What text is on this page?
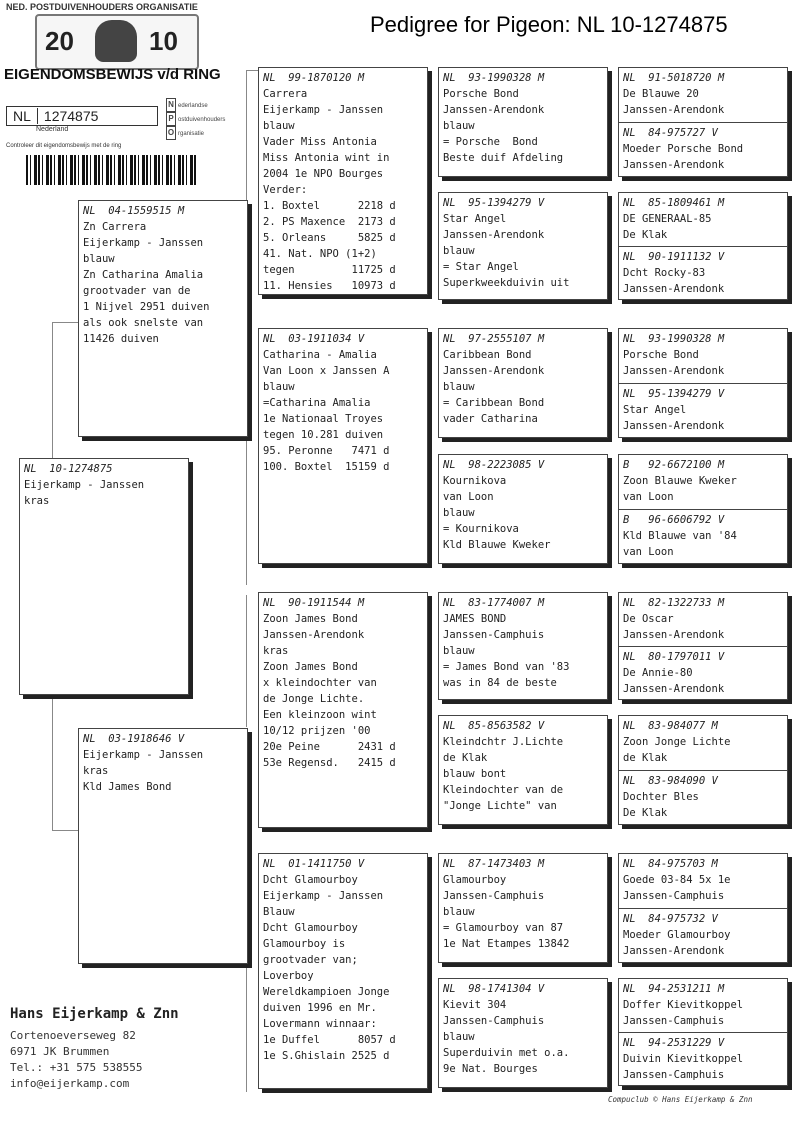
Pedigree for Pigeon: NL 10-1274875
NED. POSTDUIVENHOUDERS ORGANISATIE
20	10
EIGENDOMSBEWIJS v/d RING
NL 1274875
Nederland
N ederlandse
P ostduivenhouders
O rganisatie
Controleer dit eigendomsbewijs met de ring
NL  10-1274875
Eijerkamp - Janssen
kras
NL  04-1559515 M
Zn Carrera
Eijerkamp - Janssen
blauw
Zn Catharina Amalia
grootvader van de
1 Nijvel 2951 duiven
als ook snelste van
11426 duiven
NL  03-1918646 V
Eijerkamp - Janssen
kras
Kld James Bond
NL  99-1870120 M
Carrera
Eijerkamp - Janssen
blauw
Vader Miss Antonia
Miss Antonia wint in
2004 1e NPO Bourges
Verder:
1. Boxtel      2218 d
2. PS Maxence  2173 d
5. Orleans     5825 d
41. Nat. NPO (1+2)
tegen         11725 d
11. Hensies   10973 d
NL  03-1911034 V
Catharina - Amalia
Van Loon x Janssen A
blauw
=Catharina Amalia
1e Nationaal Troyes
tegen 10.281 duiven
95. Peronne   7471 d
100. Boxtel  15159 d
NL  90-1911544 M
Zoon James Bond
Janssen-Arendonk
kras
Zoon James Bond
x kleindochter van
de Jonge Lichte.
Een kleinzoon wint
10/12 prijzen '00
20e Peine      2431 d
53e Regensd.   2415 d
NL  01-1411750 V
Dcht Glamourboy
Eijerkamp - Janssen
Blauw
Dcht Glamourboy
Glamourboy is
grootvader van;
Loverboy
Wereldkampioen Jonge
duiven 1996 en Mr.
Lovermann winnaar:
1e Duffel      8057 d
1e S.Ghislain 2525 d
NL  93-1990328 M
Porsche Bond
Janssen-Arendonk
blauw
= Porsche  Bond
Beste duif Afdeling
NL  95-1394279 V
Star Angel
Janssen-Arendonk
blauw
= Star Angel
Superkweekduivin uit
NL  97-2555107 M
Caribbean Bond
Janssen-Arendonk
blauw
= Caribbean Bond
vader Catharina
NL  98-2223085 V
Kournikova
van Loon
blauw
= Kournikova
Kld Blauwe Kweker
NL  83-1774007 M
JAMES BOND
Janssen-Camphuis
blauw
= James Bond van '83
was in 84 de beste
NL  85-8563582 V
Kleindchtr J.Lichte
de Klak
blauw bont
Kleindochter van de
"Jonge Lichte" van
NL  87-1473403 M
Glamourboy
Janssen-Camphuis
blauw
= Glamourboy van 87
1e Nat Etampes 13842
NL  98-1741304 V
Kievit 304
Janssen-Camphuis
blauw
Superduivin met o.a.
9e Nat. Bourges
NL  91-5018720 M
De Blauwe 20
Janssen-Arendonk
NL  84-975727 V
Moeder Porsche Bond
Janssen-Arendonk
NL  85-1809461 M
DE GENERAAL-85
De Klak
NL  90-1911132 V
Dcht Rocky-83
Janssen-Arendonk
NL  93-1990328 M
Porsche Bond
Janssen-Arendonk
NL  95-1394279 V
Star Angel
Janssen-Arendonk
B   92-6672100 M
Zoon Blauwe Kweker
van Loon
B   96-6606792 V
Kld Blauwe van '84
van Loon
NL  82-1322733 M
De Oscar
Janssen-Arendonk
NL  80-1797011 V
De Annie-80
Janssen-Arendonk
NL  83-984077 M
Zoon Jonge Lichte
de Klak
NL  83-984090 V
Dochter Bles
De Klak
NL  84-975703 M
Goede 03-84 5x 1e
Janssen-Camphuis
NL  84-975732 V
Moeder Glamourboy
Janssen-Arendonk
NL  94-2531211 M
Doffer Kievitkoppel
Janssen-Camphuis
NL  94-2531229 V
Duivin Kievitkoppel
Janssen-Camphuis
Hans Eijerkamp & Znn
Cortenoeverseweg 82
6971 JK Brummen
Tel.: +31 575 538555
info@eijerkamp.com
Compuclub © Hans Eijerkamp & Znn
